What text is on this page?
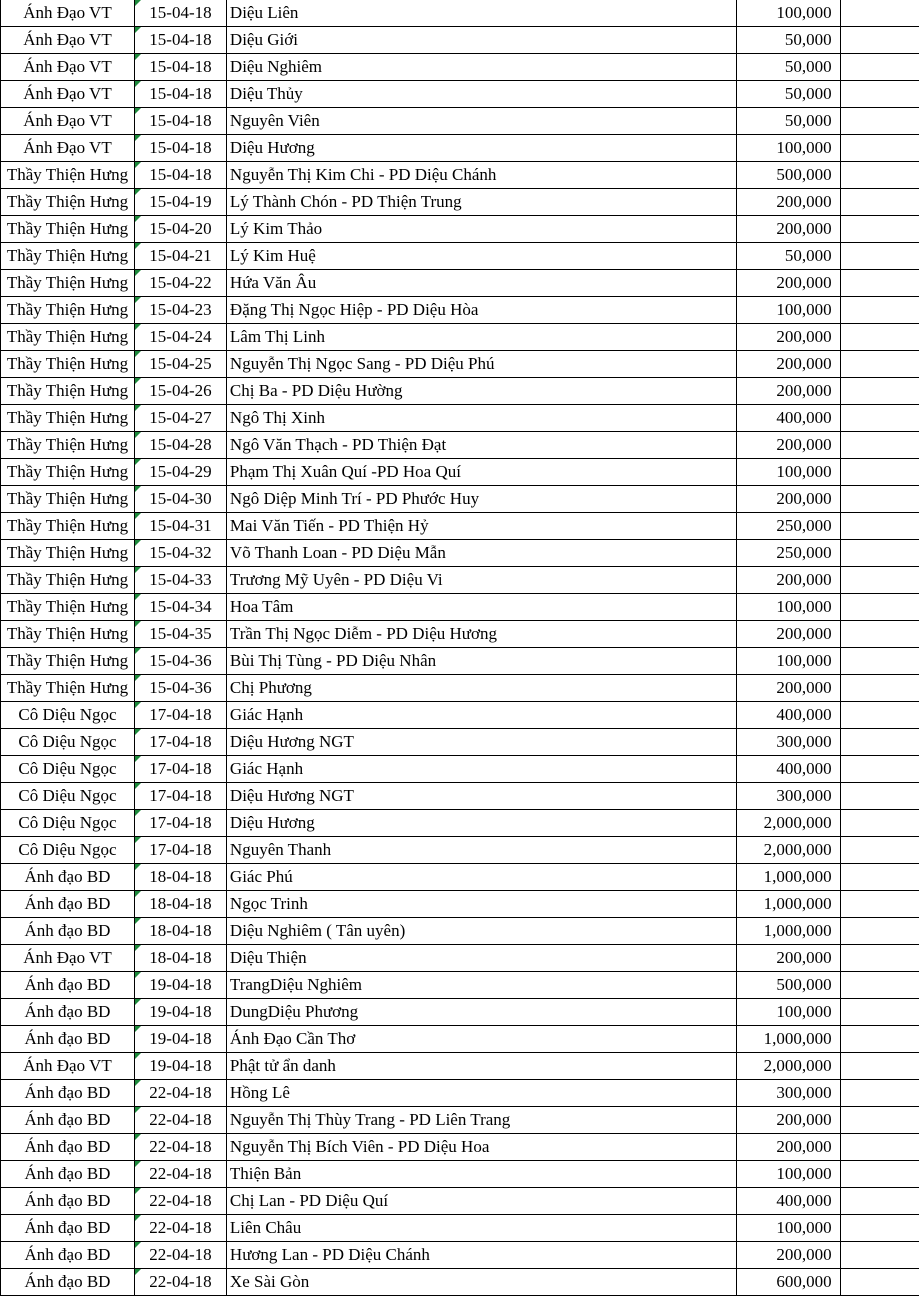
Ánh Đạo VT	15-04-18	Diệu Liên	100,000	
Ánh Đạo VT	15-04-18	Diệu Giới	50,000	
Ánh Đạo VT	15-04-18	Diệu Nghiêm	50,000	
Ánh Đạo VT	15-04-18	Diệu Thủy	50,000	
Ánh Đạo VT	15-04-18	Nguyên Viên	50,000	
Ánh Đạo VT	15-04-18	Diệu Hương	100,000	
Thầy Thiện Hưng	15-04-18	Nguyễn Thị Kim Chi - PD Diệu Chánh	500,000	
Thầy Thiện Hưng	15-04-19	Lý Thành Chón - PD Thiện Trung	200,000	
Thầy Thiện Hưng	15-04-20	Lý Kim Thảo	200,000	
Thầy Thiện Hưng	15-04-21	Lý Kim Huệ	50,000	
Thầy Thiện Hưng	15-04-22	Hứa Văn Âu	200,000	
Thầy Thiện Hưng	15-04-23	Đặng Thị Ngọc Hiệp - PD Diệu Hòa	100,000	
Thầy Thiện Hưng	15-04-24	Lâm Thị Linh	200,000	
Thầy Thiện Hưng	15-04-25	Nguyễn Thị Ngọc Sang - PD Diệu Phú	200,000	
Thầy Thiện Hưng	15-04-26	Chị Ba - PD Diệu Hường	200,000	
Thầy Thiện Hưng	15-04-27	Ngô Thị Xinh	400,000	
Thầy Thiện Hưng	15-04-28	Ngô Văn Thạch - PD Thiện Đạt	200,000	
Thầy Thiện Hưng	15-04-29	Phạm Thị Xuân Quí -PD Hoa Quí	100,000	
Thầy Thiện Hưng	15-04-30	Ngô Diệp Minh Trí - PD Phước Huy	200,000	
Thầy Thiện Hưng	15-04-31	Mai Văn Tiến - PD Thiện Hỷ	250,000	
Thầy Thiện Hưng	15-04-32	Võ Thanh Loan - PD Diệu Mẫn	250,000	
Thầy Thiện Hưng	15-04-33	Trương Mỹ Uyên - PD Diệu Vi	200,000	
Thầy Thiện Hưng	15-04-34	Hoa Tâm	100,000	
Thầy Thiện Hưng	15-04-35	Trần Thị Ngọc Diễm - PD Diệu Hương	200,000	
Thầy Thiện Hưng	15-04-36	Bùi Thị Tùng - PD Diệu Nhân	100,000	
Thầy Thiện Hưng	15-04-36	Chị Phương	200,000	
Cô Diệu Ngọc	17-04-18	Giác Hạnh	400,000	
Cô Diệu Ngọc	17-04-18	Diệu Hương NGT	300,000	
Cô Diệu Ngọc	17-04-18	Giác Hạnh	400,000	
Cô Diệu Ngọc	17-04-18	Diệu Hương NGT	300,000	
Cô Diệu Ngọc	17-04-18	Diệu Hương	2,000,000	
Cô Diệu Ngọc	17-04-18	Nguyên Thanh	2,000,000	
Ánh đạo BD	18-04-18	Giác Phú	1,000,000	
Ánh đạo BD	18-04-18	Ngọc Trinh	1,000,000	
Ánh đạo BD	18-04-18	Diệu Nghiêm ( Tân uyên)	1,000,000	
Ánh Đạo VT	18-04-18	Diệu Thiện	200,000	
Ánh đạo BD	19-04-18	TrangDiệu Nghiêm	500,000	
Ánh đạo BD	19-04-18	DungDiệu Phương	100,000	
Ánh đạo BD	19-04-18	Ánh Đạo Cần Thơ	1,000,000	
Ánh Đạo VT	19-04-18	Phật tử ẩn danh	2,000,000	
Ánh đạo BD	22-04-18	Hồng Lê	300,000	
Ánh đạo BD	22-04-18	Nguyễn Thị Thùy Trang - PD Liên Trang	200,000	
Ánh đạo BD	22-04-18	Nguyễn Thị Bích Viên - PD Diệu Hoa	200,000	
Ánh đạo BD	22-04-18	Thiện Bản	100,000	
Ánh đạo BD	22-04-18	Chị Lan - PD Diệu Quí	400,000	
Ánh đạo BD	22-04-18	Liên Châu	100,000	
Ánh đạo BD	22-04-18	Hương Lan - PD Diệu Chánh	200,000	
Ánh đạo BD	22-04-18	Xe Sài Gòn	600,000	
